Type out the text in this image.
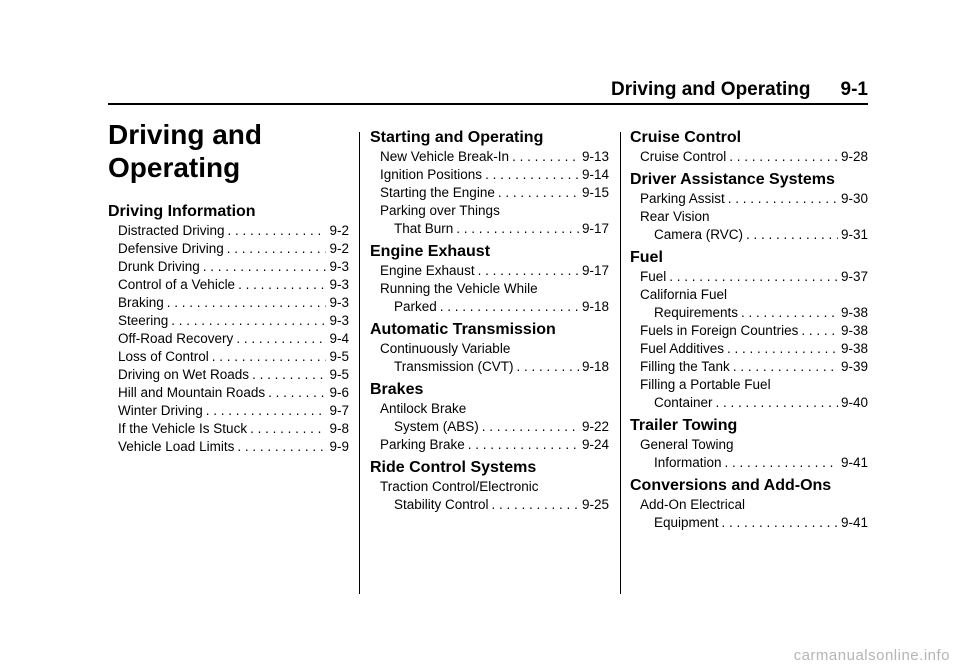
Driving and Operating 9-1
Driving and
Operating
Driving Information
Distracted Driving . . .	9-2
Defensive Driving . . .	9-2
Drunk Driving . . .	9-3
Control of a Vehicle . . .	9-3
Braking . . .	9-3
Steering . . .	9-3
Off-Road Recovery . . .	9-4
Loss of Control . . .	9-5
Driving on Wet Roads . . .	9-5
Hill and Mountain Roads . . .	9-6
Winter Driving . . .	9-7
If the Vehicle Is Stuck . . .	9-8
Vehicle Load Limits . . .	9-9
Starting and Operating
New Vehicle Break-In . . .	9-13
Ignition Positions . . .	9-14
Starting the Engine . . .	9-15
Parking over Things
That Burn . . .	9-17
Engine Exhaust
Engine Exhaust . . .	9-17
Running the Vehicle While
Parked . . .	9-18
Automatic Transmission
Continuously Variable
Transmission (CVT) . . .	9-18
Brakes
Antilock Brake
System (ABS) . . .	9-22
Parking Brake . . .	9-24
Ride Control Systems
Traction Control/Electronic
Stability Control . . .	9-25
Cruise Control
Cruise Control . . .	9-28
Driver Assistance Systems
Parking Assist . . .	9-30
Rear Vision
Camera (RVC) . . .	9-31
Fuel
Fuel . . .	9-37
California Fuel
Requirements . . .	9-38
Fuels in Foreign Countries . . .	9-38
Fuel Additives . . .	9-38
Filling the Tank . . .	9-39
Filling a Portable Fuel
Container . . .	9-40
Trailer Towing
General Towing
Information . . .	9-41
Conversions and Add-Ons
Add-On Electrical
Equipment . . .	9-41
carmanualsonline.info
